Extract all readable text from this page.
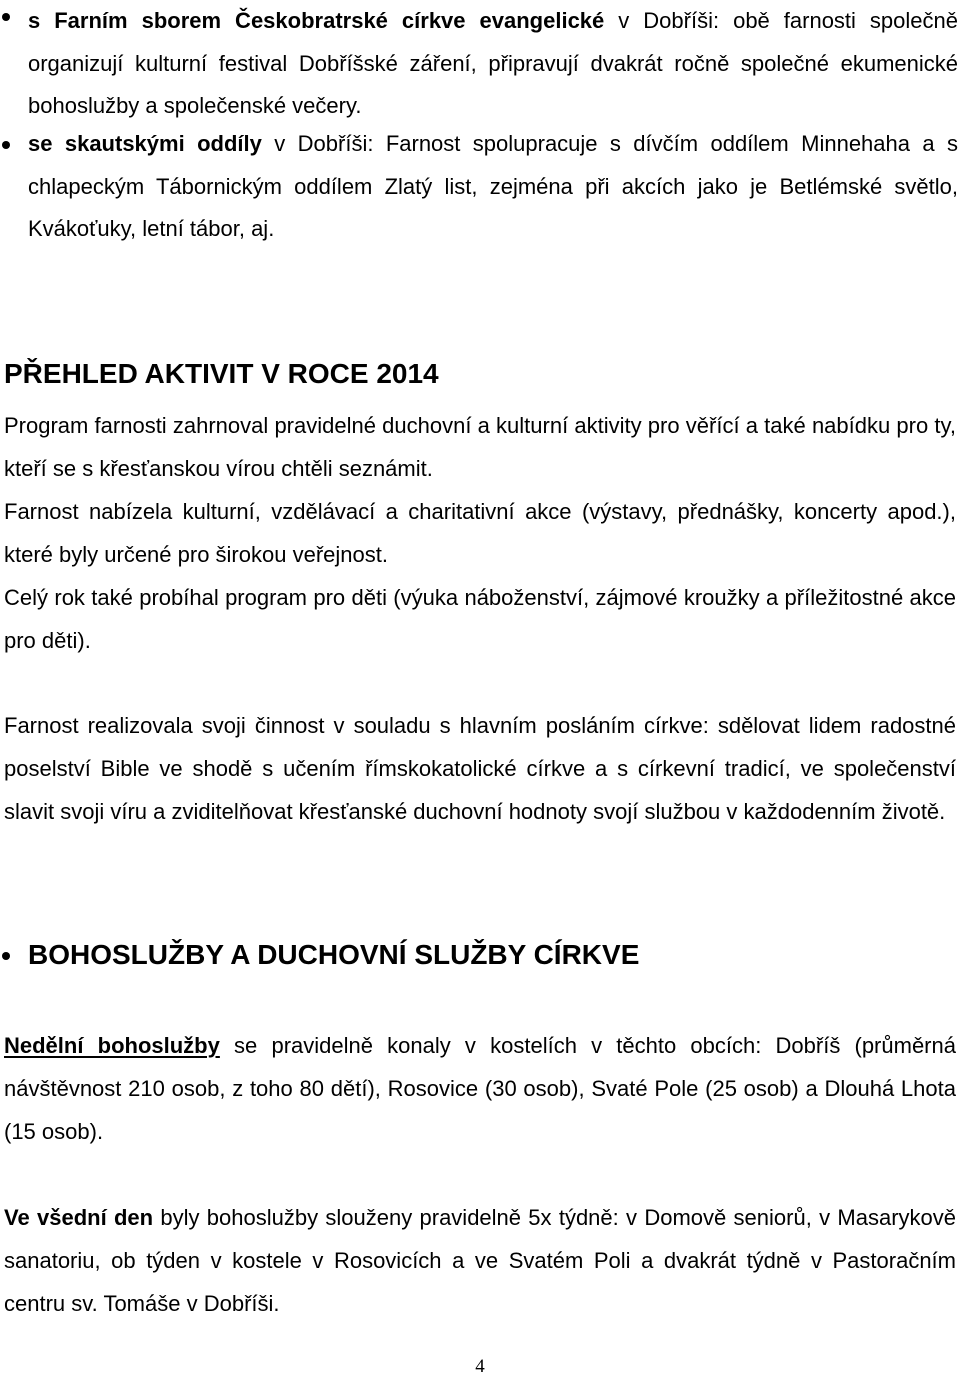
s Farním sborem Českobratrské církve evangelické v Dobříši: obě farnosti společně organizují kulturní festival Dobříšské záření, připravují dvakrát ročně společné ekumenické bohoslužby a společenské večery.

se skautskými oddíly v Dobříši: Farnost spolupracuje s dívčím oddílem Minnehaha a s chlapeckým Tábornickým oddílem Zlatý list, zejména při akcích jako je Betlémské světlo, Kvákoťuky, letní tábor, aj.

PŘEHLED AKTIVIT V ROCE 2014

Program farnosti zahrnoval pravidelné duchovní a kulturní aktivity pro věřící a také nabídku pro ty, kteří se s křesťanskou vírou chtěli seznámit.

Farnost nabízela kulturní, vzdělávací a charitativní akce (výstavy, přednášky, koncerty apod.), které byly určené pro širokou veřejnost.

Celý rok také probíhal program pro děti (výuka náboženství, zájmové kroužky a příležitostné akce pro děti).

Farnost realizovala svoji činnost v souladu s hlavním posláním církve: sdělovat lidem radostné poselství Bible ve shodě s učením římskokatolické církve a s církevní tradicí, ve společenství slavit svoji víru a zviditelňovat křesťanské duchovní hodnoty svojí službou v každodenním životě.

BOHOSLUŽBY A DUCHOVNÍ SLUŽBY CÍRKVE

Nedělní bohoslužby se pravidelně konaly v kostelích v těchto obcích: Dobříš (průměrná návštěvnost 210 osob, z toho 80 dětí), Rosovice (30 osob), Svaté Pole (25 osob) a Dlouhá Lhota (15 osob).

Ve všední den byly bohoslužby slouženy pravidelně 5x týdně: v Domově seniorů, v Masarykově sanatoriu, ob týden v kostele v Rosovicích a ve Svatém Poli a dvakrát týdně v Pastoračním centru sv. Tomáše v Dobříši.

4
